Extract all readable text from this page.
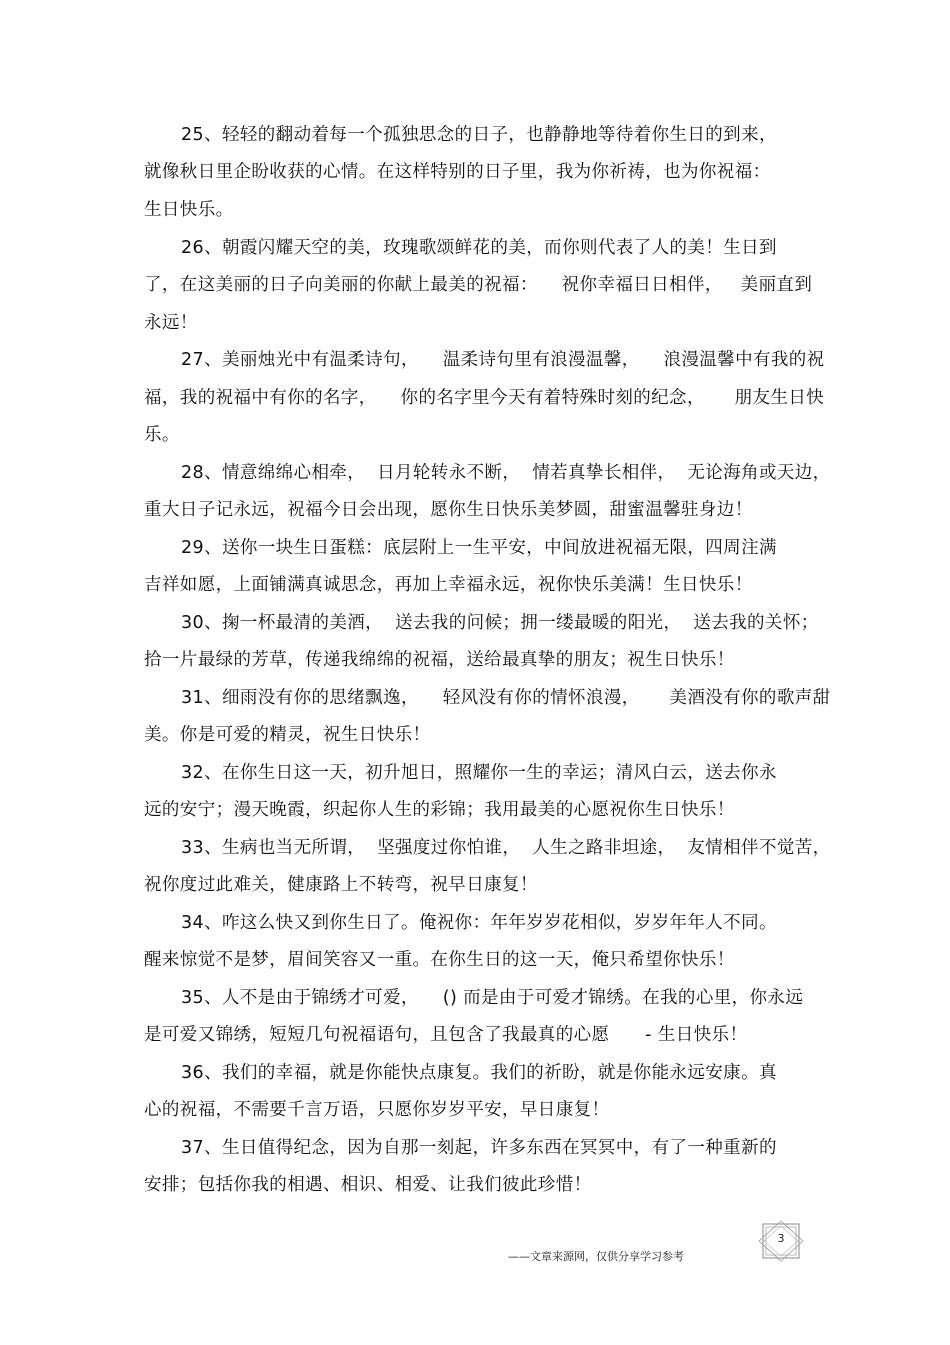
25、轻轻的翻动着每一个孤独思念的日子，也静静地等待着你生日的到来，
就像秋日里企盼收获的心情。在这样特别的日子里，我为你祈祷，也为你祝福：
生日快乐。
26、朝霞闪耀天空的美，玫瑰歌颂鲜花的美，而你则代表了人的美！生日到
了，在这美丽的日子向美丽的你献上最美的祝福：    祝你幸福日日相伴，   美丽直到
永远！
27、美丽烛光中有温柔诗句，    温柔诗句里有浪漫温馨，    浪漫温馨中有我的祝
福，我的祝福中有你的名字，    你的名字里今天有着特殊时刻的纪念，     朋友生日快
乐。
28、情意绵绵心相牵，  日月轮转永不断，  情若真挚长相伴，  无论海角或天边，
重大日子记永远，祝福今日会出现，愿你生日快乐美梦圆，甜蜜温馨驻身边！
29、送你一块生日蛋糕：底层附上一生平安，中间放进祝福无限，四周注满
吉祥如愿，上面铺满真诚思念，再加上幸福永远，祝你快乐美满！生日快乐！
30、掬一杯最清的美酒，  送去我的问候；拥一缕最暖的阳光，  送去我的关怀；
拾一片最绿的芳草，传递我绵绵的祝福，送给最真挚的朋友；祝生日快乐！
31、细雨没有你的思绪飘逸，    轻风没有你的情怀浪漫，     美酒没有你的歌声甜
美。你是可爱的精灵，祝生日快乐！
32、在你生日这一天，初升旭日，照耀你一生的幸运；清风白云，送去你永
远的安宁；漫天晚霞，织起你人生的彩锦；我用最美的心愿祝你生日快乐！
33、生病也当无所谓，  坚强度过你怕谁，  人生之路非坦途，  友情相伴不觉苦，
祝你度过此难关，健康路上不转弯，祝早日康复！
34、咋这么快又到你生日了。俺祝你：年年岁岁花相似，岁岁年年人不同。
醒来惊觉不是梦，眉间笑容又一重。在你生日的这一天，俺只希望你快乐！
35、人不是由于锦绣才可爱，    () 而是由于可爱才锦绣。在我的心里，你永远
是可爱又锦绣，短短几句祝福语句，且包含了我最真的心愿      - 生日快乐！
36、我们的幸福，就是你能快点康复。我们的祈盼，就是你能永远安康。真
心的祝福，不需要千言万语，只愿你岁岁平安，早日康复！
37、生日值得纪念，因为自那一刻起，许多东西在冥冥中，有了一种重新的
安排；包括你我的相遇、相识、相爱、让我们彼此珍惜！
——文章来源网，仅供分享学习参考
3
